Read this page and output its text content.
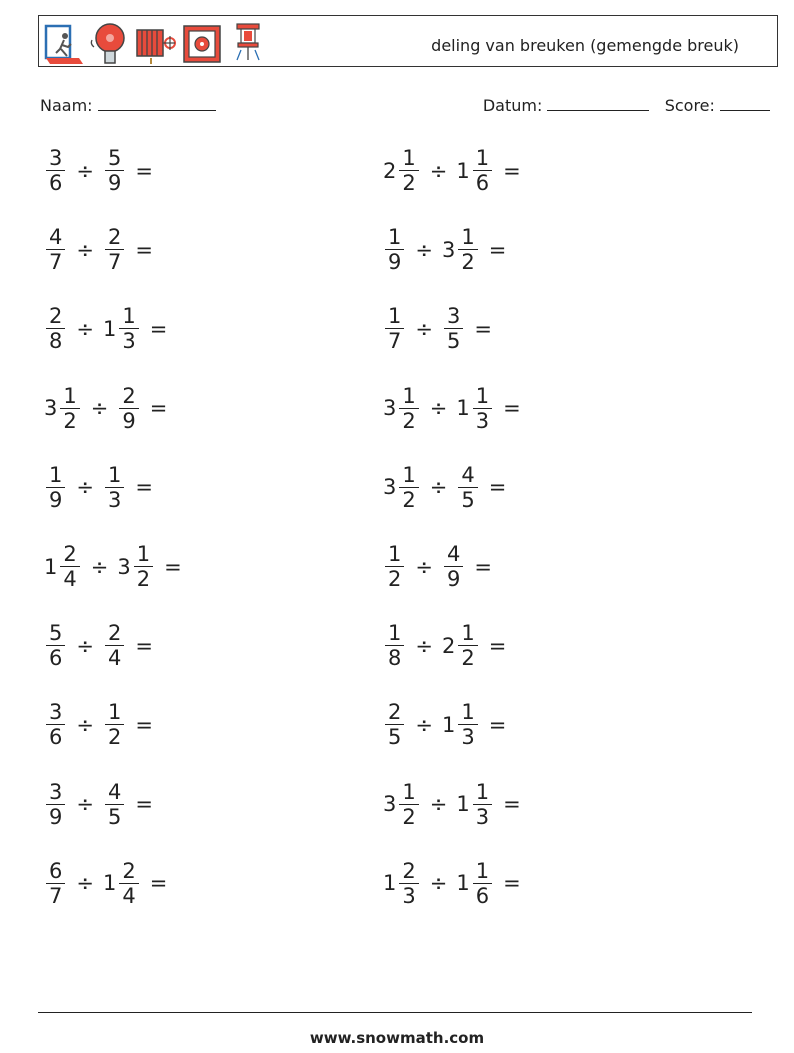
deling van breuken (gemengde breuk)
Naam:	Datum:	Score:
$\frac{3}{6} \div \frac{5}{9}$ =	$2 \frac{1}{2} \div 1 \frac{1}{6}$ =
$\frac{4}{7} \div \frac{2}{7}$ =	$\frac{1}{9} \div 3 \frac{1}{2}$ =
$\frac{2}{8} \div 1 \frac{1}{3}$ =	$\frac{1}{7} \div \frac{3}{5}$ =
$3 \frac{1}{2} \div \frac{2}{9}$ =	$3 \frac{1}{2} \div 1 \frac{1}{3}$ =
$\frac{1}{9} \div \frac{1}{3}$ =	$3 \frac{1}{2} \div \frac{4}{5}$ =
$1 \frac{2}{4} \div 3 \frac{1}{2}$ =	$\frac{1}{2} \div \frac{4}{9}$ =
$\frac{5}{6} \div \frac{2}{4}$ =	$\frac{1}{8} \div 2 \frac{1}{2}$ =
$\frac{3}{6} \div \frac{1}{2}$ =	$\frac{2}{5} \div 1 \frac{1}{3}$ =
$\frac{3}{9} \div \frac{4}{5}$ =	$3 \frac{1}{2} \div 1 \frac{1}{3}$ =
$\frac{6}{7} \div 1 \frac{2}{4}$ =	$1 \frac{2}{3} \div 1 \frac{1}{6}$ =
www.snowmath.com
